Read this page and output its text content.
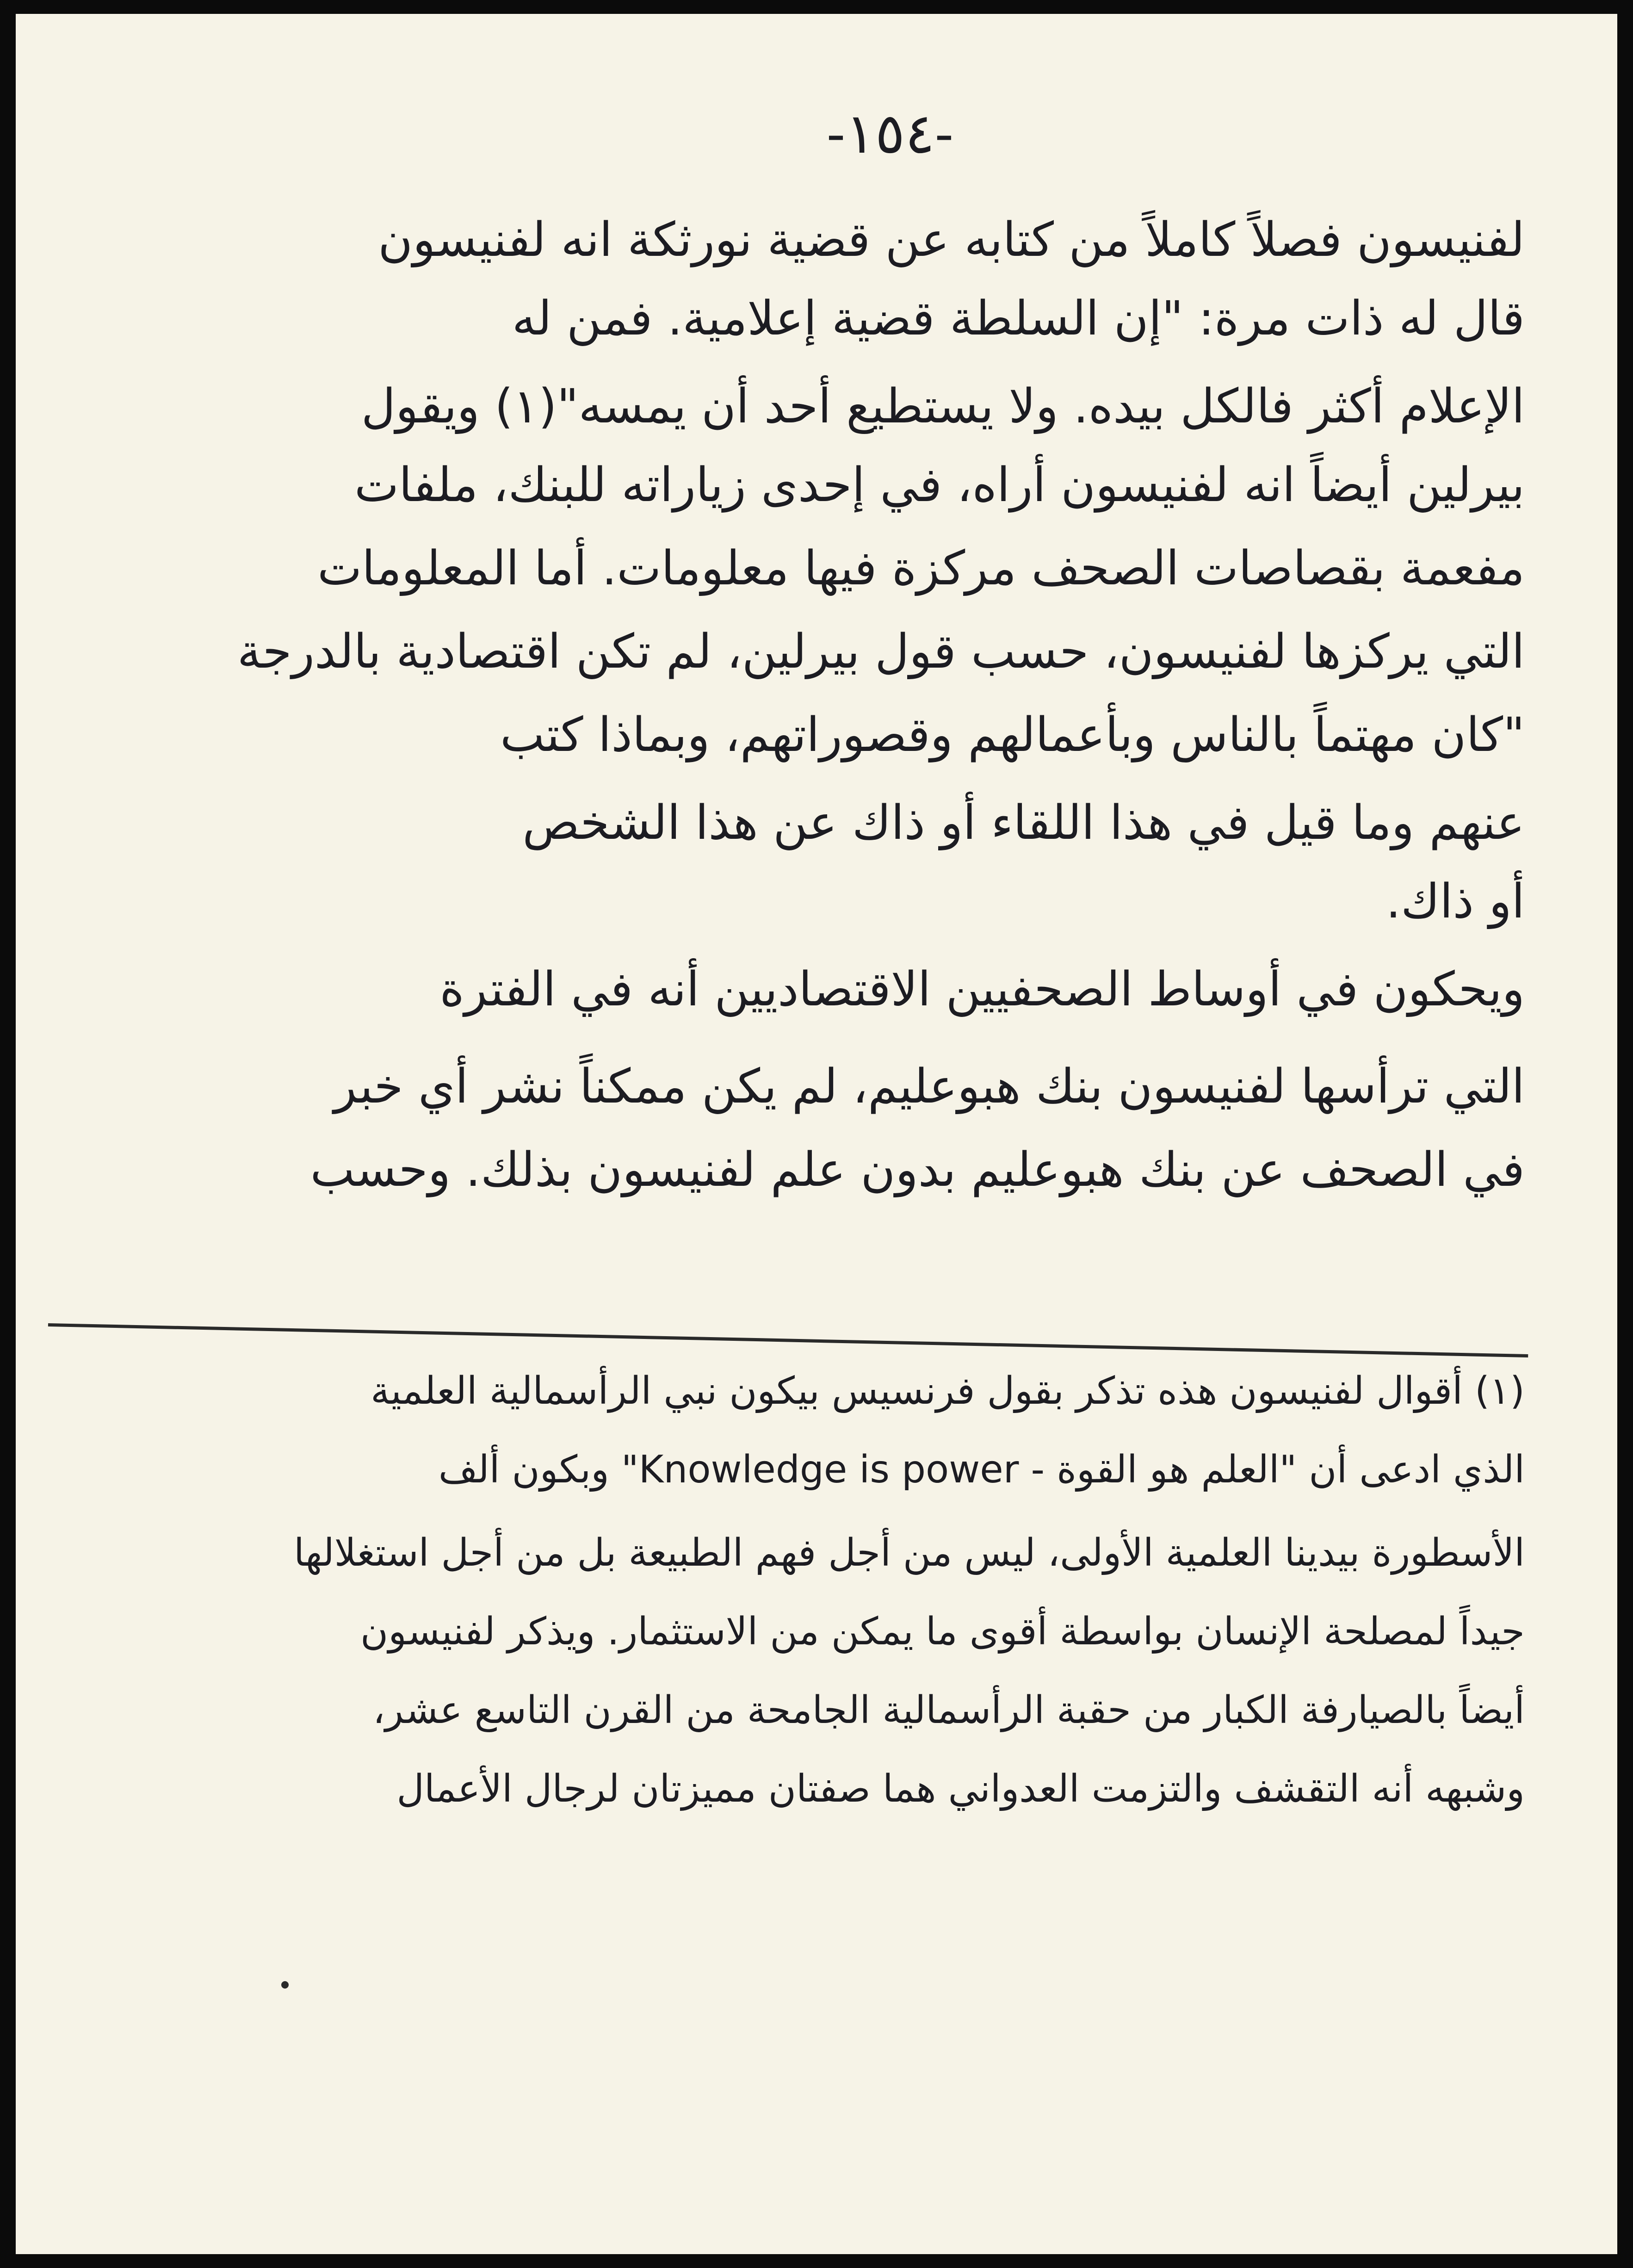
-١٥٤-
لفنيسون فصلاً كاملاً من كتابه عن قضية نورثكة انه لفنيسون
قال له ذات مرة: "إن السلطة قضية إعلامية. فمن له
الإعلام أكثر فالكل بيده. ولا يستطيع أحد أن يمسه"(١) ويقول
بيرلين أيضاً انه لفنيسون أراه، في إحدى زياراته للبنك، ملفات
مفعمة بقصاصات الصحف مركزة فيها معلومات. أما المعلومات
التي يركزها لفنيسون، حسب قول بيرلين، لم تكن اقتصادية بالدرجة
"كان مهتماً بالناس وبأعمالهم وقصوراتهم، وبماذا كتب
عنهم وما قيل في هذا اللقاء أو ذاك عن هذا الشخص
أو ذاك.
ويحكون في أوساط الصحفيين الاقتصاديين أنه في الفترة
التي ترأسها لفنيسون بنك هبوعليم، لم يكن ممكناً نشر أي خبر
في الصحف عن بنك هبوعليم بدون علم لفنيسون بذلك. وحسب
(١) أقوال لفنيسون هذه تذكر بقول فرنسيس بيكون نبي الرأسمالية العلمية
الذي ادعى أن "العلم هو القوة - Knowledge is power" وبكون ألف
الأسطورة بيدينا العلمية الأولى، ليس من أجل فهم الطبيعة بل من أجل استغلالها
جيداً لمصلحة الإنسان بواسطة أقوى ما يمكن من الاستثمار. ويذكر لفنيسون
أيضاً بالصيارفة الكبار من حقبة الرأسمالية الجامحة من القرن التاسع عشر،
وشبهه أنه التقشف والتزمت العدواني هما صفتان مميزتان لرجال الأعمال
